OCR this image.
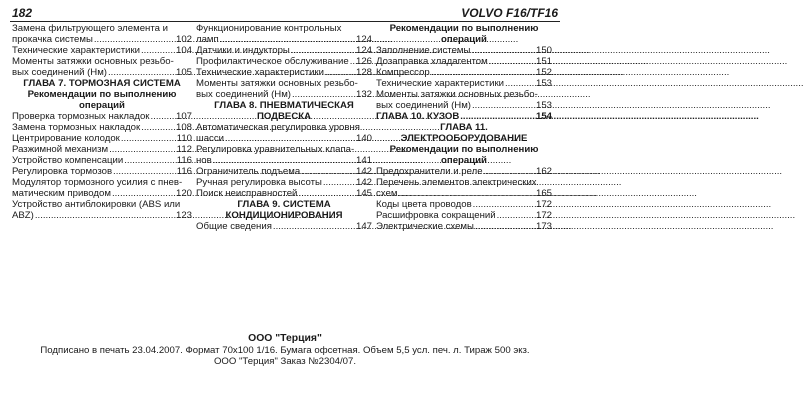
182	VOLVO F16/TF16
Замена фильтрующего элемента и
прокачка системы .....	102
Технические характеристики .....	104
Моменты затяжки основных резьбо-
вых соединений (Нм) .....	105
ГЛАВА 7. ТОРМОЗНАЯ СИСТЕМА
Рекомендации по выполнению
операций
Проверка тормозных накладок .....	107
Замена тормозных накладок .....	108
Центрирование колодок .....	110
Разжимной механизм .....	112
Устройство компенсации .....	116
Регулировка тормозов .....	116
Модулятор тормозного усилия с пнев-
матическим приводом .....	120
Устройство антиблокировки (ABS или
ABZ) .....	123
Функционирование контрольных
ламп .....	124
Датчики и индукторы .....	124
Профилактическое обслуживание ..... 126
Технические характеристики .....	128
Моменты затяжки основных резьбо-
вых соединений (Нм) .....	132
ГЛАВА 8. ПНЕВМАТИЧЕСКАЯ
ПОДВЕСКА
Автоматическая регулировка уровня
шасси .....	140
Регулировка уравнительных клапа-
нов .....	141
Ограничитель подъема .....	142
Ручная регулировка высоты .....	142
Поиск неисправностей .....	145
ГЛАВА 9. СИСТЕМА
КОНДИЦИОНИРОВАНИЯ
Общие сведения .....	147
Рекомендации по выполнению
операций
Заполнение системы .....	150
Дозаправка хладагентом .....	151
Компрессор .....	152
Технические характеристики .....	153
Моменты затяжки основных резьбо-
вых соединений (Нм) .....	153
ГЛАВА 10. КУЗОВ .....	154
ГЛАВА 11.
ЭЛЕКТРООБОРУДОВАНИЕ
Рекомендации по выполнению
операций
Предохранители и реле .....	162
Перечень элементов электрических
схем .....	165
Коды цвета проводов .....	172
Расшифровка сокращений .....	172
Электрические схемы .....	173
ООО "Терция"
Подписано в печать 23.04.2007. Формат 70х100 1/16. Бумага офсетная. Объем 5,5 усл. печ. л. Тираж 500 экз.
ООО "Терция" Заказ №2304/07.
